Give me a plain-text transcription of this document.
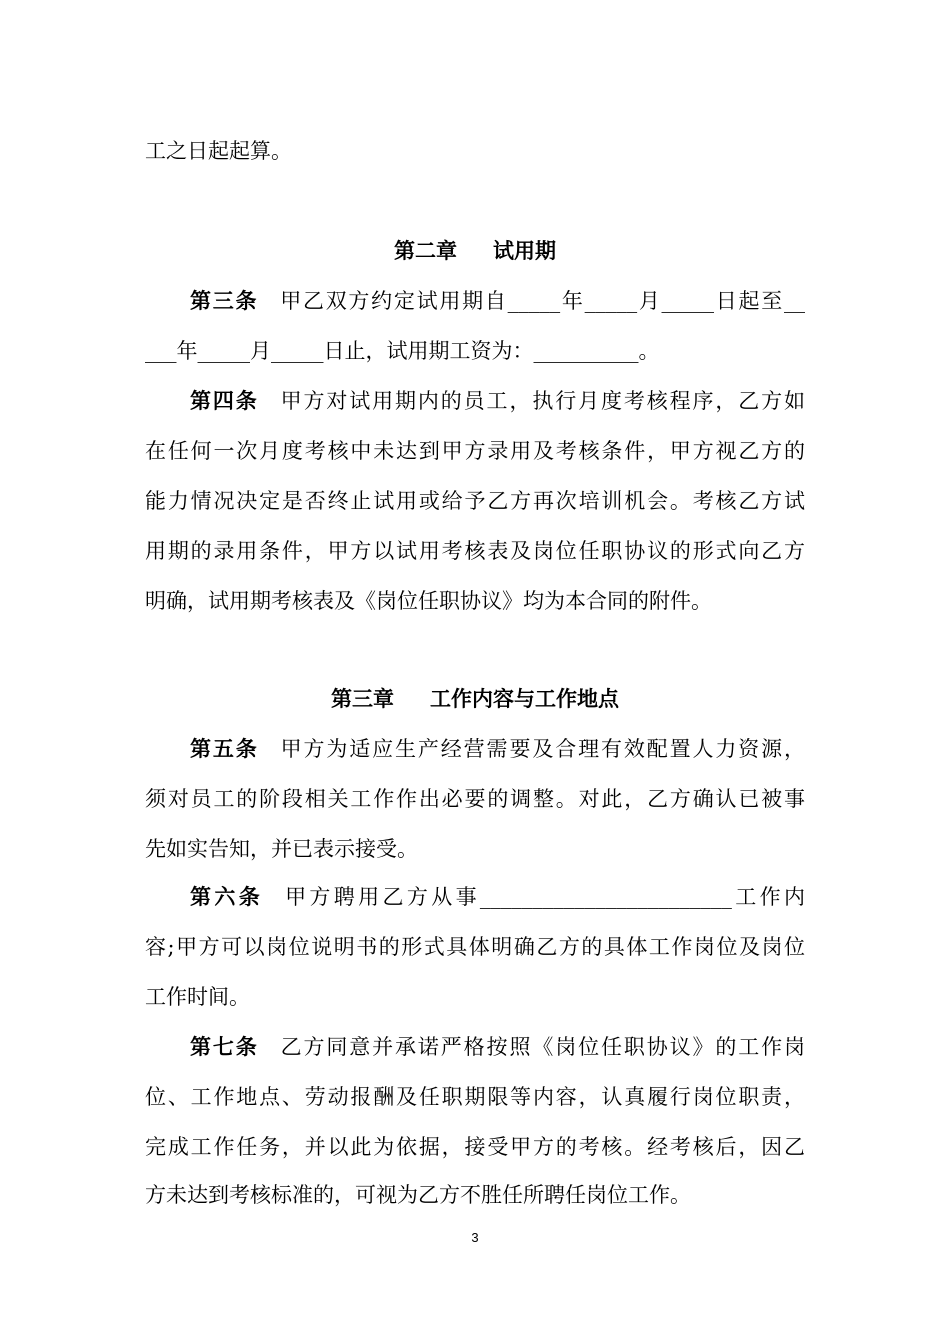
工之日起起算。
第二章 试用期
第三条 甲乙双方约定试用期自_____年_____月_____日起至__
___年_____月_____日止，试用期工资为：__________。
第四条 甲方对试用期内的员工，执行月度考核程序，乙方如
在任何一次月度考核中未达到甲方录用及考核条件，甲方视乙方的
能力情况决定是否终止试用或给予乙方再次培训机会。考核乙方试
用期的录用条件，甲方以试用考核表及岗位任职协议的形式向乙方
明确，试用期考核表及《岗位任职协议》均为本合同的附件。
第三章 工作内容与工作地点
第五条 甲方为适应生产经营需要及合理有效配置人力资源，
须对员工的阶段相关工作作出必要的调整。对此，乙方确认已被事
先如实告知，并已表示接受。
第六条 甲方聘用乙方从事________________________工作内
容;甲方可以岗位说明书的形式具体明确乙方的具体工作岗位及岗位
工作时间。
第七条 乙方同意并承诺严格按照《岗位任职协议》的工作岗
位、工作地点、劳动报酬及任职期限等内容，认真履行岗位职责，
完成工作任务，并以此为依据，接受甲方的考核。经考核后，因乙
方未达到考核标准的，可视为乙方不胜任所聘任岗位工作。
3
